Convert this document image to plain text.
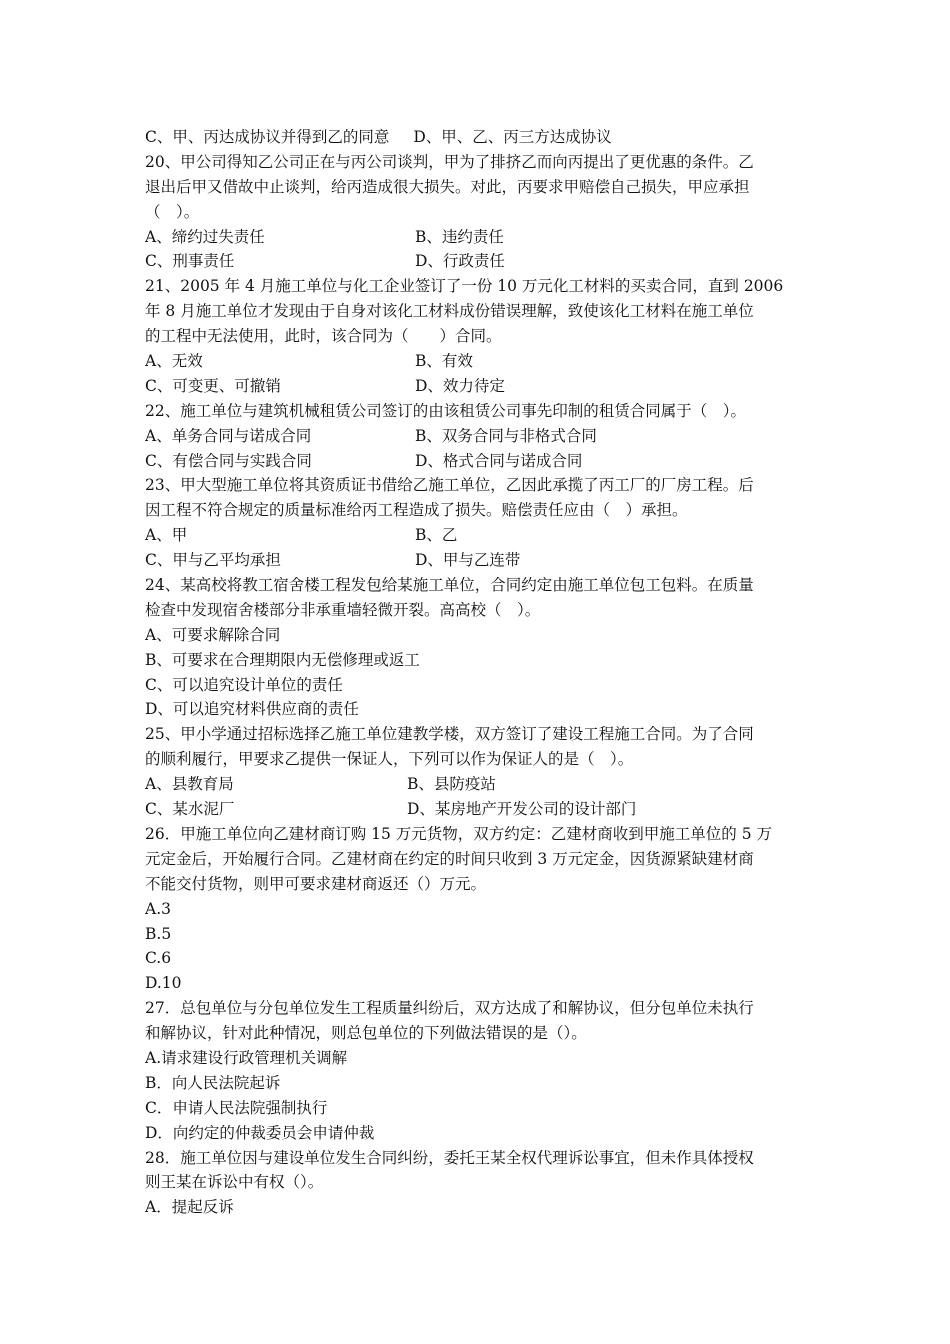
C、甲、丙达成协议并得到乙的同意 D、甲、乙、丙三方达成协议
20、甲公司得知乙公司正在与丙公司谈判，甲为了排挤乙而向丙提出了更优惠的条件。乙
退出后甲又借故中止谈判，给丙造成很大损失。对此，丙要求甲赔偿自己损失，甲应承担
（　）。
A、缔约过失责任	B、违约责任
C、刑事责任	D、行政责任
21、2005 年 4 月施工单位与化工企业签订了一份 10 万元化工材料的买卖合同，直到 2006
年 8 月施工单位才发现由于自身对该化工材料成份错误理解，致使该化工材料在施工单位
的工程中无法使用，此时，该合同为（　　）合同。
A、无效	B、有效
C、可变更、可撤销	D、效力待定
22、施工单位与建筑机械租赁公司签订的由该租赁公司事先印制的租赁合同属于（　）。
A、单务合同与诺成合同	B、双务合同与非格式合同
C、有偿合同与实践合同	D、格式合同与诺成合同
23、甲大型施工单位将其资质证书借给乙施工单位，乙因此承揽了丙工厂的厂房工程。后
因工程不符合规定的质量标准给丙工程造成了损失。赔偿责任应由（　）承担。
A、甲	B、乙
C、甲与乙平均承担	D、甲与乙连带
24、某高校将教工宿舍楼工程发包给某施工单位，合同约定由施工单位包工包料。在质量
检查中发现宿舍楼部分非承重墙轻微开裂。高高校（　）。
A、可要求解除合同
B、可要求在合理期限内无偿修理或返工
C、可以追究设计单位的责任
D、可以追究材料供应商的责任
25、甲小学通过招标选择乙施工单位建教学楼，双方签订了建设工程施工合同。为了合同
的顺利履行，甲要求乙提供一保证人，下列可以作为保证人的是（　）。
A、县教育局	B、县防疫站
C、某水泥厂	D、某房地产开发公司的设计部门
26．甲施工单位向乙建材商订购 15 万元货物，双方约定：乙建材商收到甲施工单位的 5 万
元定金后，开始履行合同。乙建材商在约定的时间只收到 3 万元定金，因货源紧缺建材商
不能交付货物，则甲可要求建材商返还（）万元。
A.3
B.5
C.6
D.10
27．总包单位与分包单位发生工程质量纠纷后，双方达成了和解协议，但分包单位未执行
和解协议，针对此种情况，则总包单位的下列做法错误的是（）。
A.请求建设行政管理机关调解
B．向人民法院起诉
C．申请人民法院强制执行
D．向约定的仲裁委员会申请仲裁
28．施工单位因与建设单位发生合同纠纷，委托王某全权代理诉讼事宜，但未作具体授权
则王某在诉讼中有权（）。
A．提起反诉
